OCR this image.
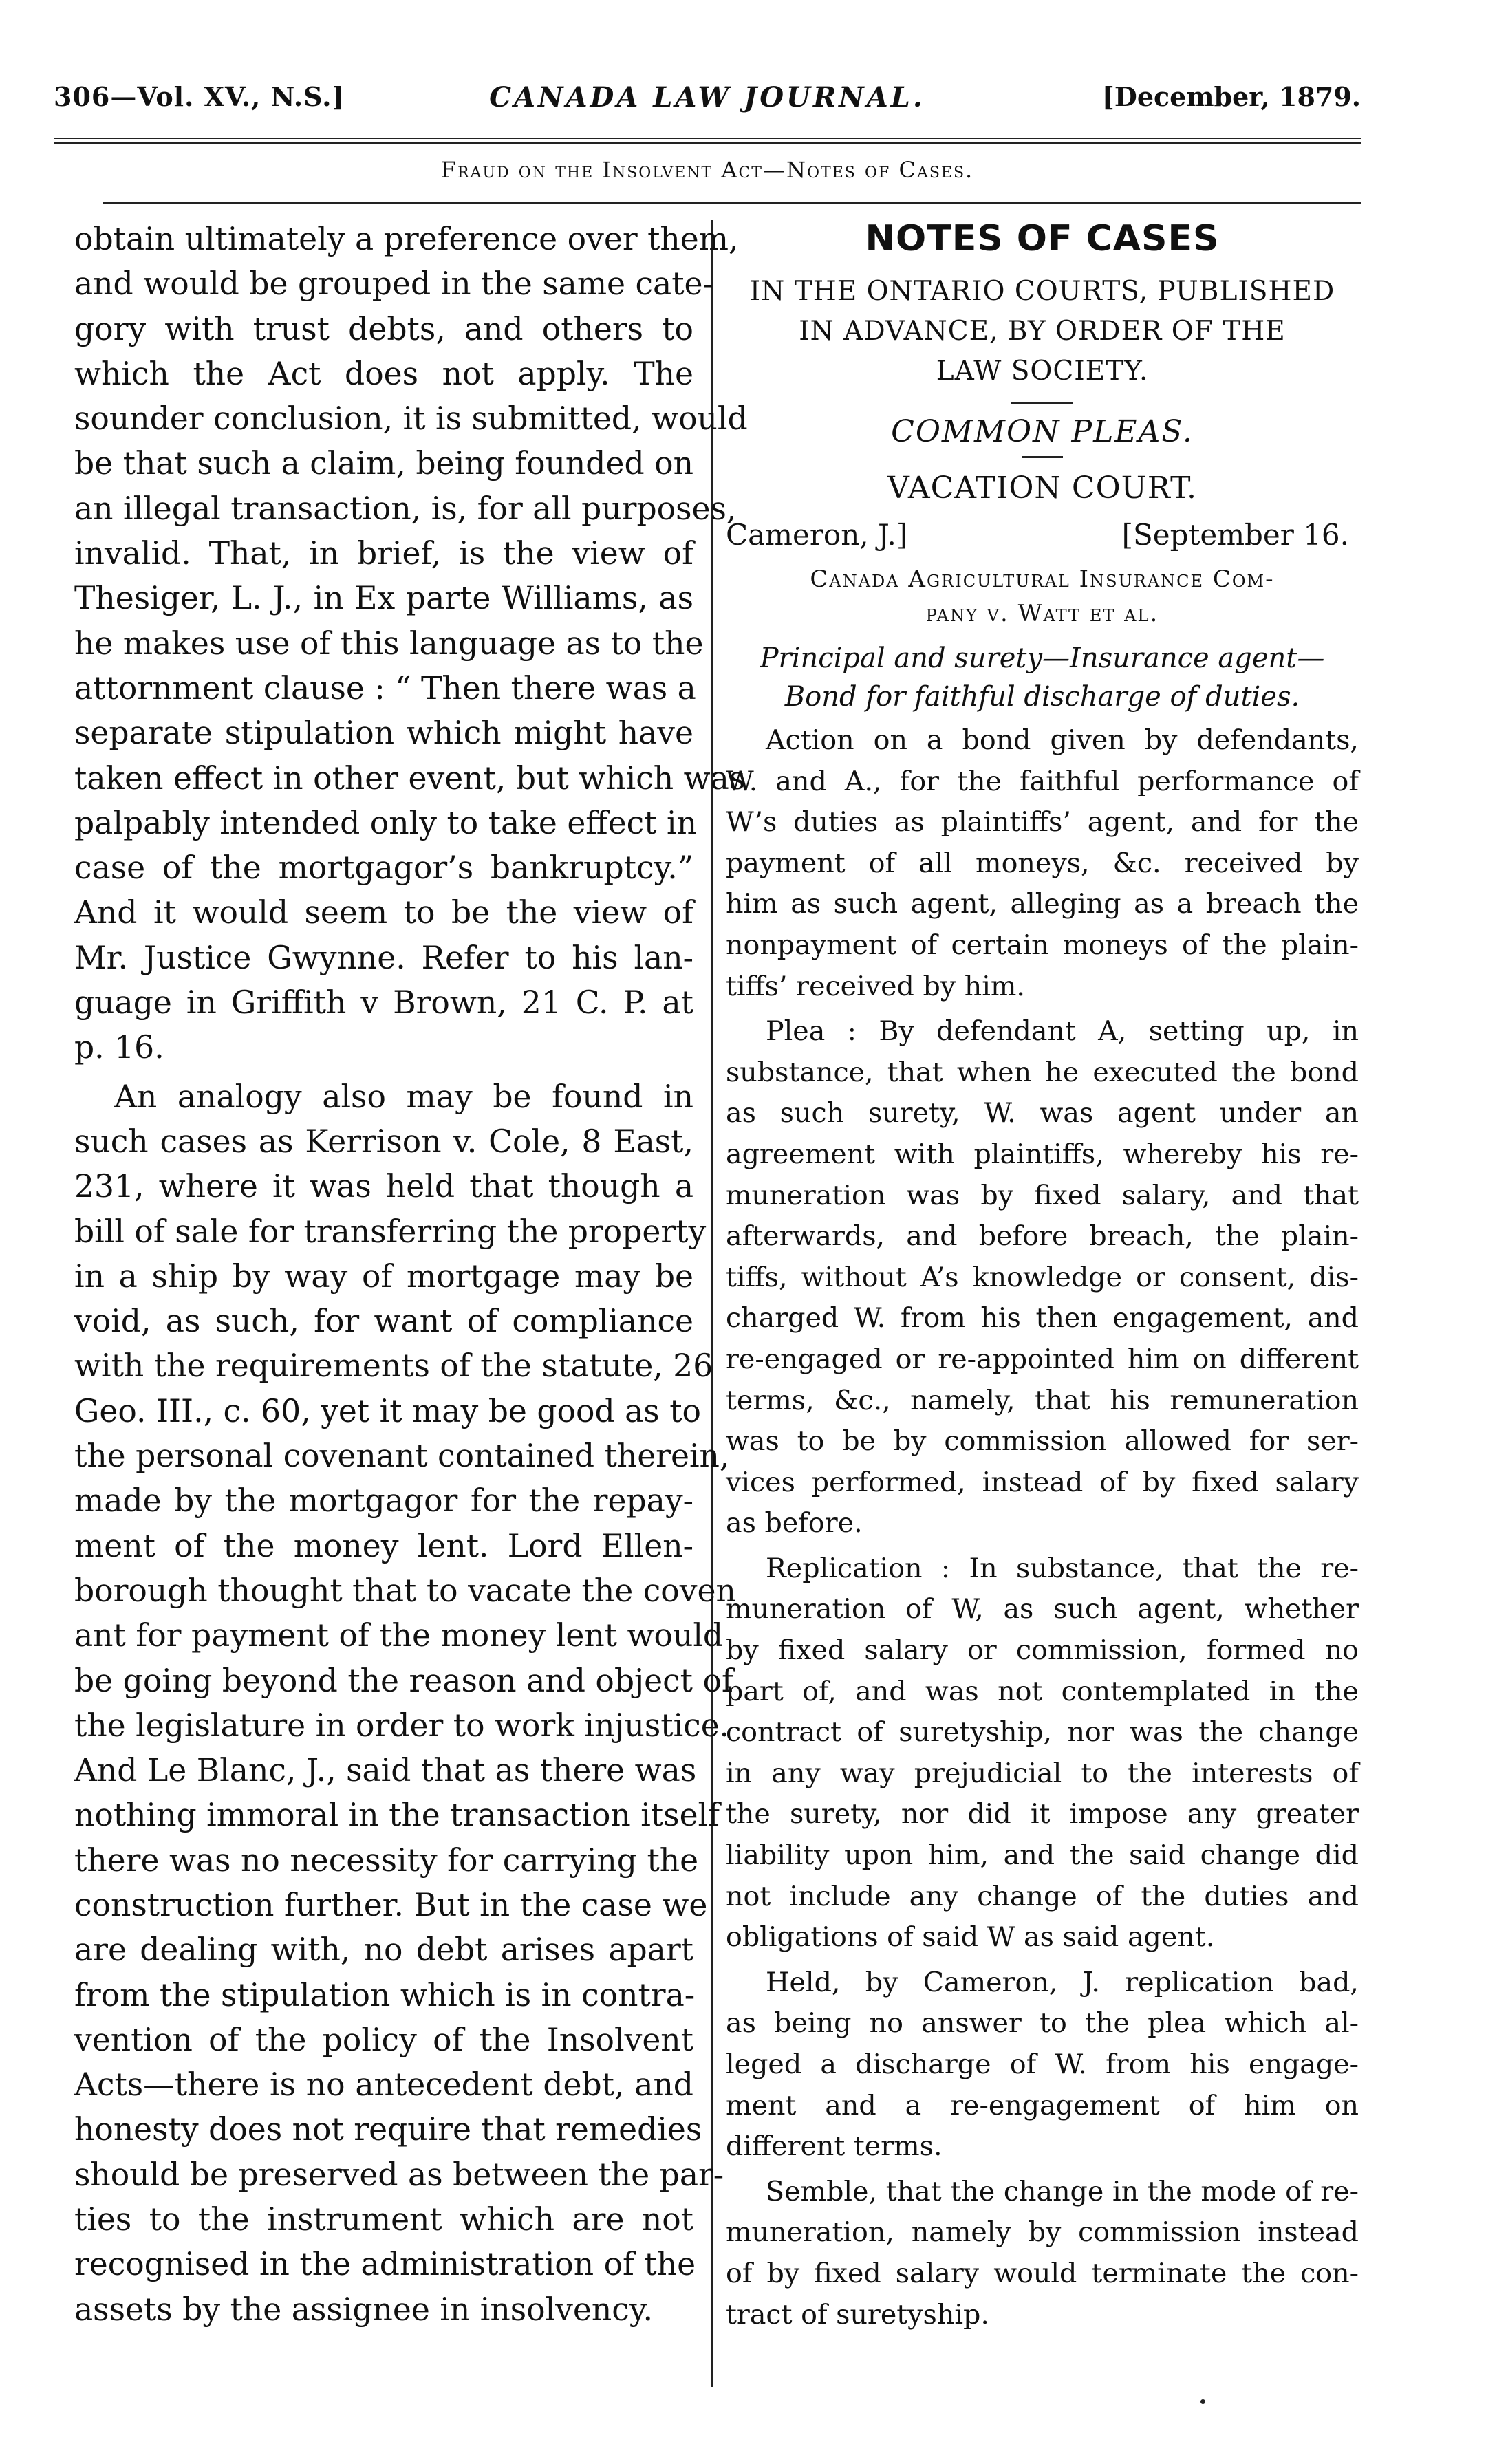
306—Vol. XV., N.S.]	CANADA LAW JOURNAL.	[December, 1879.
Fraud on the Insolvent Act—Notes of Cases.
obtain ultimately a preference over them,
and would be grouped in the same cate-
gory with trust debts, and others to
which the Act does not apply. The
sounder conclusion, it is submitted, would
be that such a claim, being founded on
an illegal transaction, is, for all purposes,
invalid. That, in brief, is the view of
Thesiger, L. J., in Ex parte Williams, as
he makes use of this language as to the
attornment clause : “ Then there was a
separate stipulation which might have
taken effect in other event, but which was
palpably intended only to take effect in
case of the mortgagor’s bankruptcy.”
And it would seem to be the view of
Mr. Justice Gwynne. Refer to his lan-
guage in Griffith v Brown, 21 C. P. at
p. 16.
An analogy also may be found in
such cases as Kerrison v. Cole, 8 East,
231, where it was held that though a
bill of sale for transferring the property
in a ship by way of mortgage may be
void, as such, for want of compliance
with the requirements of the statute, 26
Geo. III., c. 60, yet it may be good as to
the personal covenant contained therein,
made by the mortgagor for the repay-
ment of the money lent. Lord Ellen-
borough thought that to vacate the coven
ant for payment of the money lent would
be going beyond the reason and object of
the legislature in order to work injustice.
And Le Blanc, J., said that as there was
nothing immoral in the transaction itself
there was no necessity for carrying the
construction further. But in the case we
are dealing with, no debt arises apart
from the stipulation which is in contra-
vention of the policy of the Insolvent
Acts—there is no antecedent debt, and
honesty does not require that remedies
should be preserved as between the par-
ties to the instrument which are not
recognised in the administration of the
assets by the assignee in insolvency.
NOTES OF CASES
IN THE ONTARIO COURTS, PUBLISHED
IN ADVANCE, BY ORDER OF THE
LAW SOCIETY.
COMMON PLEAS.
VACATION COURT.
Cameron, J.]	[September 16.
Canada Agricultural Insurance Com-
pany v. Watt et al.
Principal and surety—Insurance agent—
Bond for faithful discharge of duties.
Action on a bond given by defendants,
W. and A., for the faithful performance of
W’s duties as plaintiffs’ agent, and for the
payment of all moneys, &c. received by
him as such agent, alleging as a breach the
nonpayment of certain moneys of the plain-
tiffs’ received by him.
Plea : By defendant A, setting up, in
substance, that when he executed the bond
as such surety, W. was agent under an
agreement with plaintiffs, whereby his re-
muneration was by fixed salary, and that
afterwards, and before breach, the plain-
tiffs, without A’s knowledge or consent, dis-
charged W. from his then engagement, and
re-engaged or re-appointed him on different
terms, &c., namely, that his remuneration
was to be by commission allowed for ser-
vices performed, instead of by fixed salary
as before.
Replication : In substance, that the re-
muneration of W, as such agent, whether
by fixed salary or commission, formed no
part of, and was not contemplated in the
contract of suretyship, nor was the change
in any way prejudicial to the interests of
the surety, nor did it impose any greater
liability upon him, and the said change did
not include any change of the duties and
obligations of said W as said agent.
Held, by Cameron, J. replication bad,
as being no answer to the plea which al-
leged a discharge of W. from his engage-
ment and a re-engagement of him on
different terms.
Semble, that the change in the mode of re-
muneration, namely by commission instead
of by fixed salary would terminate the con-
tract of suretyship.
